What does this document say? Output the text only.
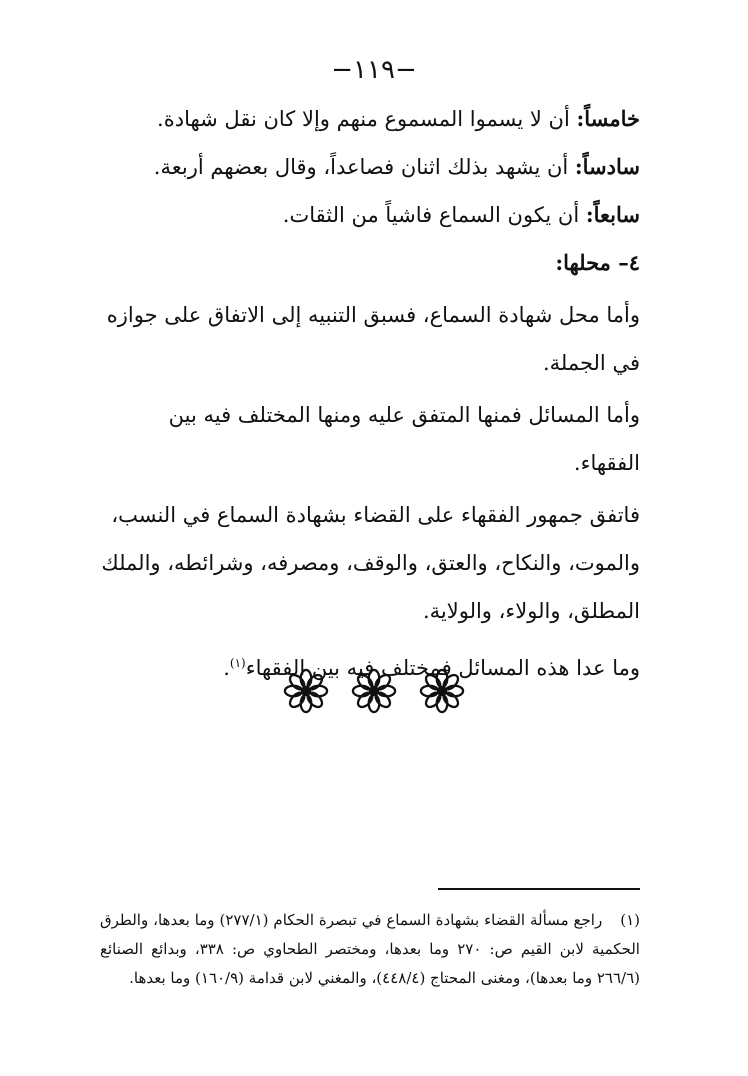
−١١٩−

خامساً: أن لا يسموا المسموع منهم وإلا كان نقل شهادة.

سادساً: أن يشهد بذلك اثنان فصاعداً، وقال بعضهم أربعة.

سابعاً: أن يكون السماع فاشياً من الثقات.

٤– محلها:

وأما محل شهادة السماع، فسبق التنبيه إلى الاتفاق على جوازه في الجملة.

وأما المسائل فمنها المتفق عليه ومنها المختلف فيه بين الفقهاء.

فاتفق جمهور الفقهاء على القضاء بشهادة السماع في النسب، والموت، والنكاح، والعتق، والوقف، ومصرفه، وشرائطه، والملك المطلق، والولاء، والولاية.

وما عدا هذه المسائل فمختلف فيه بين الفقهاء$^{(١)}$.

(١)راجع مسألة القضاء بشهادة السماع في تبصرة الحكام (٢٧٧/١) وما بعدها، والطرق الحكمية لابن القيم ص: ٢٧٠ وما بعدها، ومختصر الطحاوي ص: ٣٣٨، وبدائع الصنائع (٢٦٦/٦ وما بعدها)، ومغنى المحتاج (٤٤٨/٤)، والمغني لابن قدامة (١٦٠/٩) وما بعدها.
